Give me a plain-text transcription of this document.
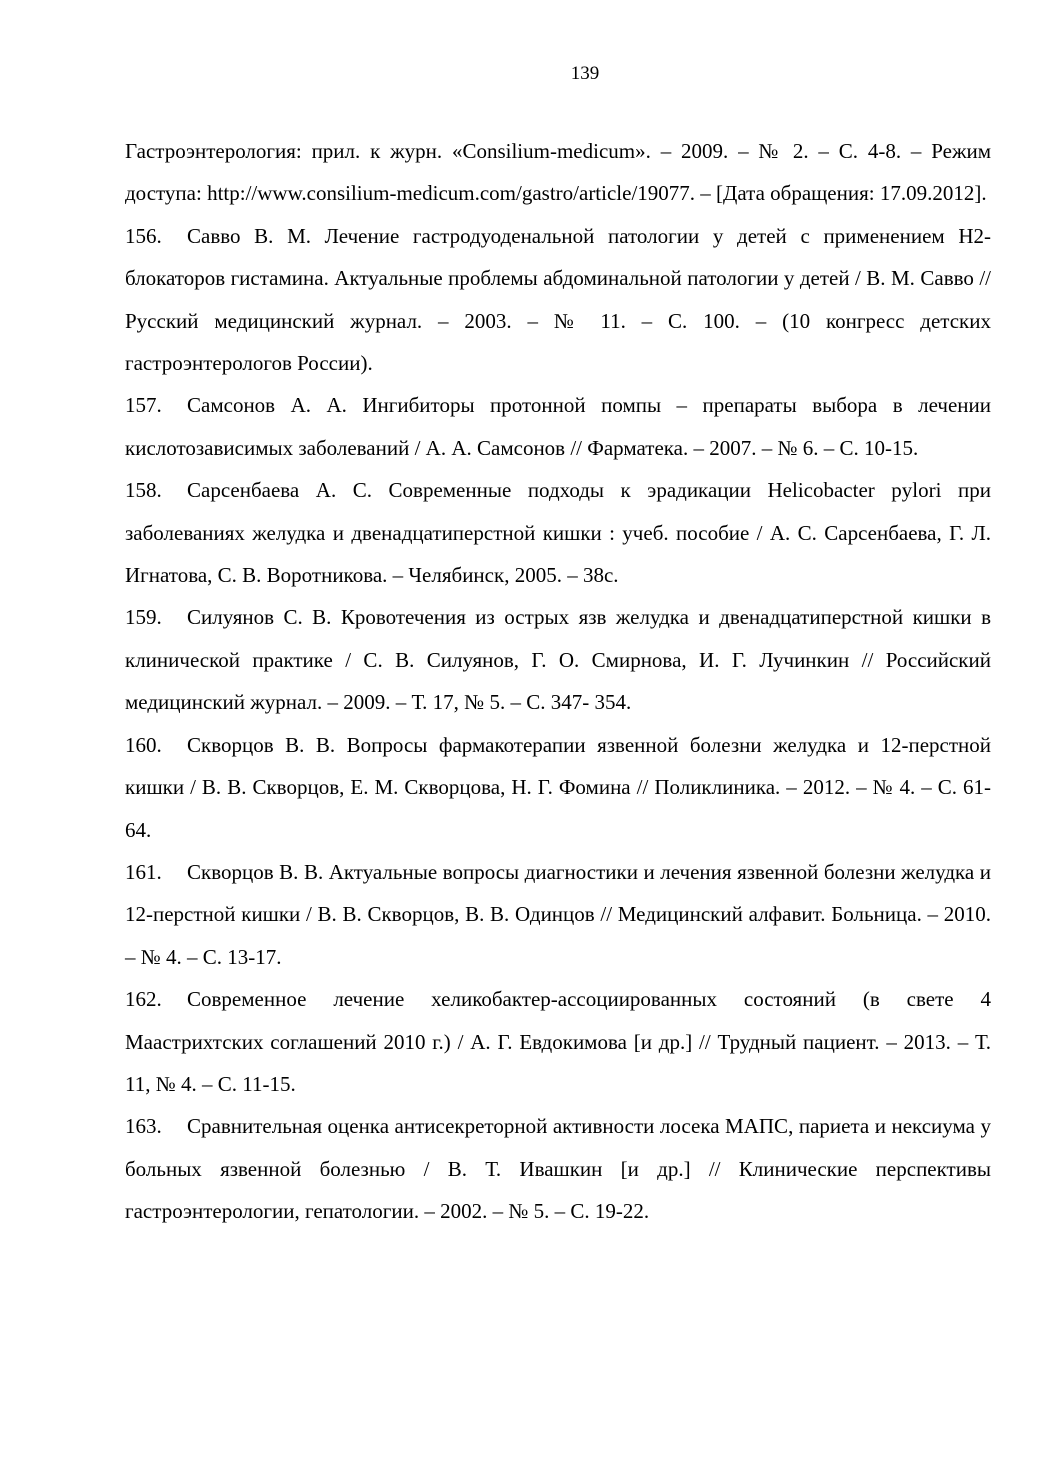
139

Гастроэнтерология: прил. к журн. «Consilium-medicum». – 2009. – № 2. – С. 4-8. – Режим доступа: http://www.consilium-medicum.com/gastro/article/19077. – [Дата обращения: 17.09.2012].

156. Савво В. М. Лечение гастродуоденальной патологии у детей с применением Н2-блокаторов гистамина. Актуальные проблемы абдоминальной патологии у детей / В. М. Савво // Русский медицинский журнал. – 2003. – № 11. – С. 100. – (10 конгресс детских гастроэнтерологов России).

157. Самсонов А. А. Ингибиторы протонной помпы – препараты выбора в лечении кислотозависимых заболеваний / А. А. Самсонов // Фарматека. – 2007. – № 6. – С. 10-15.

158. Сарсенбаева А. С. Современные подходы к эрадикации Helicobacter pylori при заболеваниях желудка и двенадцатиперстной кишки : учеб. пособие / А. С. Сарсенбаева, Г. Л. Игнатова, С. В. Воротникова. – Челябинск, 2005. – 38с.

159. Силуянов С. В. Кровотечения из острых язв желудка и двенадцатиперстной кишки в клинической практике / С. В. Силуянов, Г. О. Смирнова, И. Г. Лучинкин // Российский медицинский журнал. – 2009. – Т. 17, № 5. – С. 347- 354.

160. Скворцов В. В. Вопросы фармакотерапии язвенной болезни желудка и 12-перстной кишки / В. В. Скворцов, Е. М. Скворцова, Н. Г. Фомина // Поликлиника. – 2012. – № 4. – С. 61-64.

161. Скворцов В. В. Актуальные вопросы диагностики и лечения язвенной болезни желудка и 12-перстной кишки / В. В. Скворцов, В. В. Одинцов // Медицинский алфавит. Больница. – 2010. – № 4. – С. 13-17.

162. Современное лечение хеликобактер-ассоциированных состояний (в свете 4 Маастрихтских соглашений 2010 г.) / А. Г. Евдокимова [и др.] // Трудный пациент. – 2013. – Т. 11, № 4. – С. 11-15.

163. Сравнительная оценка антисекреторной активности лосека МАПС, париета и нексиума у больных язвенной болезнью / В. Т. Ивашкин [и др.] // Клинические перспективы гастроэнтерологии, гепатологии. – 2002. – № 5. – С. 19-22.
